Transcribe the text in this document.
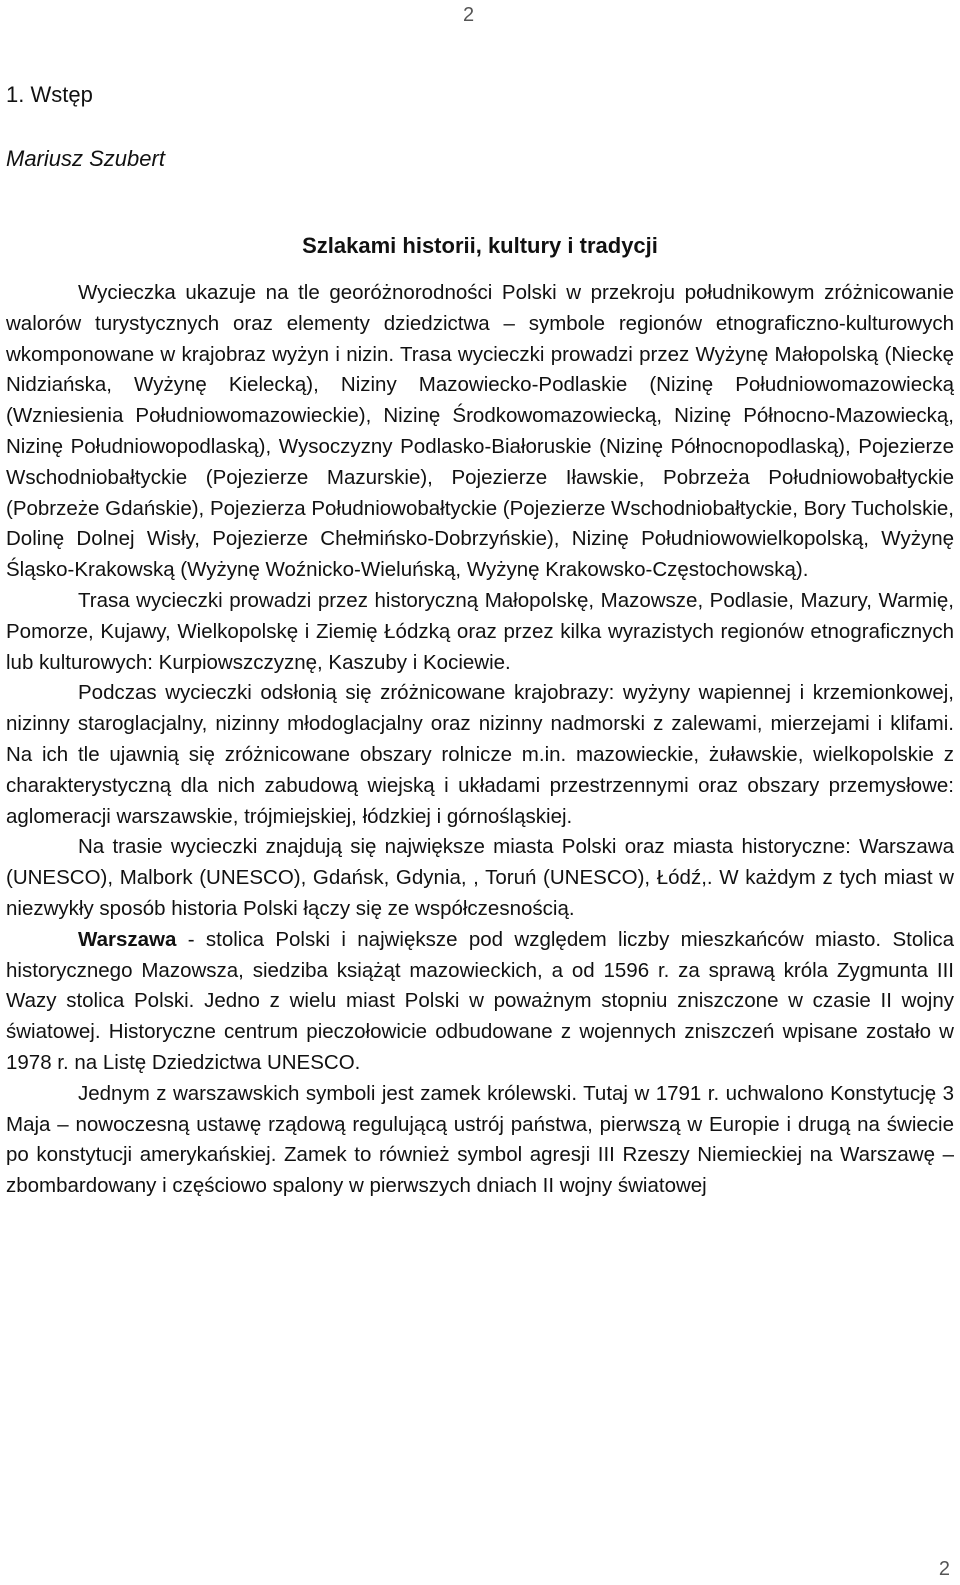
2
1. Wstęp
Mariusz Szubert
Szlakami historii, kultury i tradycji

Wycieczka ukazuje na tle georóżnorodności Polski w przekroju południkowym zróżnicowanie walorów turystycznych oraz elementy dziedzictwa – symbole regionów etnograficzno-kulturowych wkomponowane w krajobraz wyżyn i nizin. Trasa wycieczki prowadzi przez Wyżynę Małopolską (Nieckę Nidziańska, Wyżynę Kielecką), Niziny Mazowiecko-Podlaskie (Nizinę Południowomazowiecką (Wzniesienia Południowomazowieckie), Nizinę Środkowomazowiecką, Nizinę Północno-Mazowiecką, Nizinę Południowopodlaską), Wysoczyzny Podlasko-Białoruskie (Nizinę Północnopodlaską), Pojezierze Wschodniobałtyckie (Pojezierze Mazurskie), Pojezierze Iławskie, Pobrzeża Południowobałtyckie (Pobrzeże Gdańskie), Pojezierza Południowobałtyckie (Pojezierze Wschodniobałtyckie, Bory Tucholskie, Dolinę Dolnej Wisły, Pojezierze Chełmińsko-Dobrzyńskie), Nizinę Południowowielkopolską, Wyżynę Śląsko-Krakowską (Wyżynę Woźnicko-Wieluńską, Wyżynę Krakowsko-Częstochowską).

Trasa wycieczki prowadzi przez historyczną Małopolskę, Mazowsze, Podlasie, Mazury, Warmię, Pomorze, Kujawy, Wielkopolskę i Ziemię Łódzką oraz przez kilka wyrazistych regionów etnograficznych lub kulturowych: Kurpiowszczyznę, Kaszuby i Kociewie.

Podczas wycieczki odsłonią się zróżnicowane krajobrazy: wyżyny wapiennej i krzemionkowej, nizinny staroglacjalny, nizinny młodoglacjalny oraz nizinny nadmorski z zalewami, mierzejami i klifami. Na ich tle ujawnią się zróżnicowane obszary rolnicze m.in. mazowieckie, żuławskie, wielkopolskie z charakterystyczną dla nich zabudową wiejską i układami przestrzennymi oraz obszary przemysłowe: aglomeracji warszawskie, trójmiejskiej, łódzkiej i górnośląskiej.

Na trasie wycieczki znajdują się największe miasta Polski oraz miasta historyczne: Warszawa (UNESCO), Malbork (UNESCO), Gdańsk, Gdynia, , Toruń (UNESCO), Łódź,. W każdym z tych miast w niezwykły sposób historia Polski łączy się ze współczesnością.

Warszawa - stolica Polski i największe pod względem liczby mieszkańców miasto. Stolica historycznego Mazowsza, siedziba książąt mazowieckich, a od 1596 r. za sprawą króla Zygmunta III Wazy stolica Polski. Jedno z wielu miast Polski w poważnym stopniu zniszczone w czasie II wojny światowej. Historyczne centrum pieczołowicie odbudowane z wojennych zniszczeń wpisane zostało w 1978 r. na Listę Dziedzictwa UNESCO.

Jednym z warszawskich symboli jest zamek królewski. Tutaj w 1791 r. uchwalono Konstytucję 3 Maja – nowoczesną ustawę rządową regulującą ustrój państwa, pierwszą w Europie i drugą na świecie po konstytucji amerykańskiej. Zamek to również symbol agresji III Rzeszy Niemieckiej na Warszawę – zbombardowany i częściowo spalony w pierwszych dniach II wojny światowej

2
